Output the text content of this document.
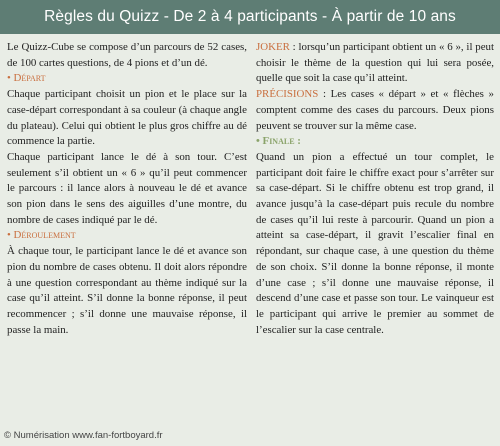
Règles du Quizz - De 2 à 4 participants - À partir de 10 ans

Le Quizz-Cube se compose d’un parcours de 52 cases, de 100 cartes questions, de 4 pions et d’un dé.

• Départ

Chaque participant choisit un pion et le place sur la case-départ correspondant à sa couleur (à chaque angle du plateau). Celui qui obtient le plus gros chiffre au dé commence la partie.

Chaque participant lance le dé à son tour. C’est seulement s’il obtient un « 6 » qu’il peut commencer le parcours : il lance alors à nouveau le dé et avance son pion dans le sens des aiguilles d’une montre, du nombre de cases indiqué par le dé.

• Déroulement

À chaque tour, le participant lance le dé et avance son pion du nombre de cases obtenu. Il doit alors répondre à une question correspondant au thème indiqué sur la case qu’il atteint. S’il donne la bonne réponse, il peut recommencer ; s’il donne une mauvaise réponse, il passe la main.

JOKER : lorsqu’un participant obtient un « 6 », il peut choisir le thème de la question qui lui sera posée, quelle que soit la case qu’il atteint.

PRÉCISIONS : Les cases « départ » et « flèches » comptent comme des cases du parcours. Deux pions peuvent se trouver sur la même case.

• Finale :

Quand un pion a effectué un tour complet, le participant doit faire le chiffre exact pour s’arrêter sur sa case-départ. Si le chiffre obtenu est trop grand, il avance jusqu’à la case-départ puis recule du nombre de cases qu’il lui reste à parcourir. Quand un pion a atteint sa case-départ, il gravit l’escalier final en répondant, sur chaque case, à une question du thème de son choix. S’il donne la bonne réponse, il monte d’une case ; s’il donne une mauvaise réponse, il descend d’une case et passe son tour. Le vainqueur est le participant qui arrive le premier au sommet de l’escalier sur la case centrale.

© Numérisation www.fan-fortboyard.fr
